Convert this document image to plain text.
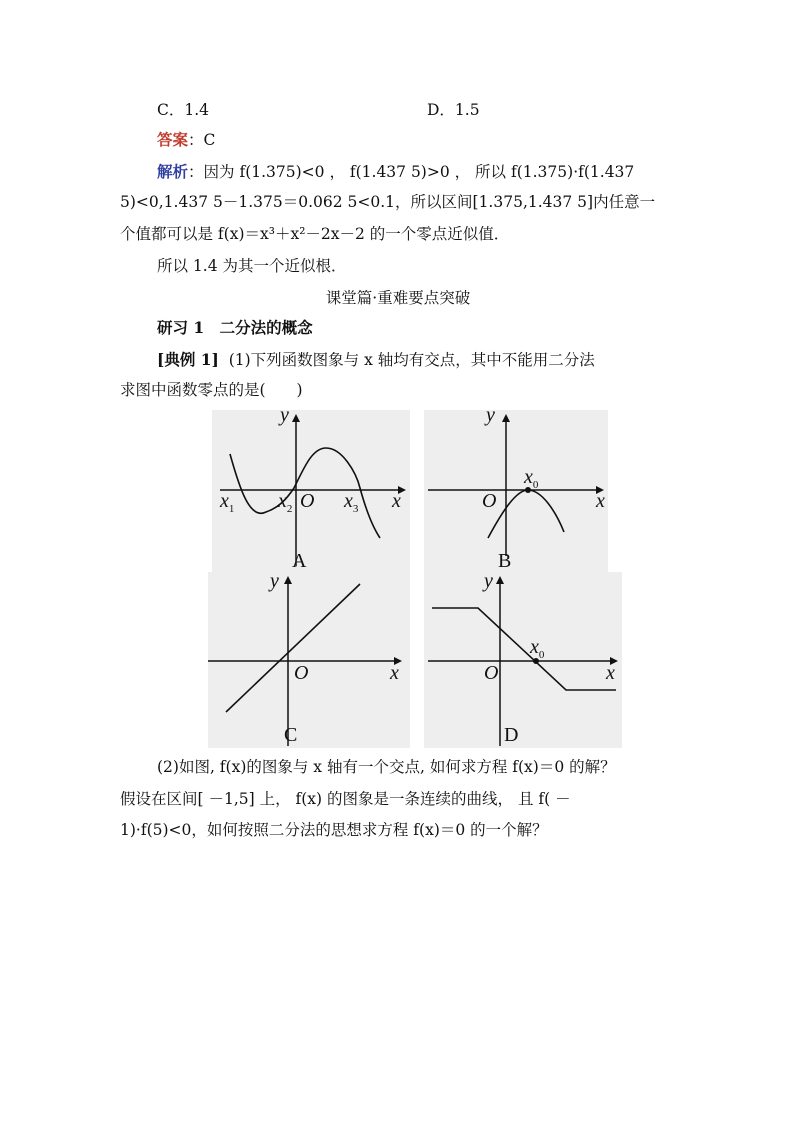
C．1.4	D．1.5
答案：C
解析：因为 f(1.375)<0 ， f(1.437 5)>0 ， 所以 f(1.375)·f(1.437
5)<0,1.437 5－1.375＝0.062 5<0.1，所以区间[1.375,1.437 5]内任意一
个值都可以是 f(x)＝x³＋x²－2x－2 的一个零点近似值．
所以 1.4 为其一个近似根．
课堂篇·重难要点突破
研习 1　二分法的概念
[典例 1] (1)下列函数图象与 x 轴均有交点，其中不能用二分法
求图中函数零点的是(　　)
$x_1$ $x_2$ O $x_3$ x
y
A
$x_0$
O	x
y
B
O	x
y
C
$x_0$
O	x
y
D
(2)如图, f(x)的图象与 x 轴有一个交点, 如何求方程 f(x)＝0 的解？
假设在区间[ －1,5] 上， f(x) 的图象是一条连续的曲线， 且 f( －
1)·f(5)<0，如何按照二分法的思想求方程 f(x)＝0 的一个解？
